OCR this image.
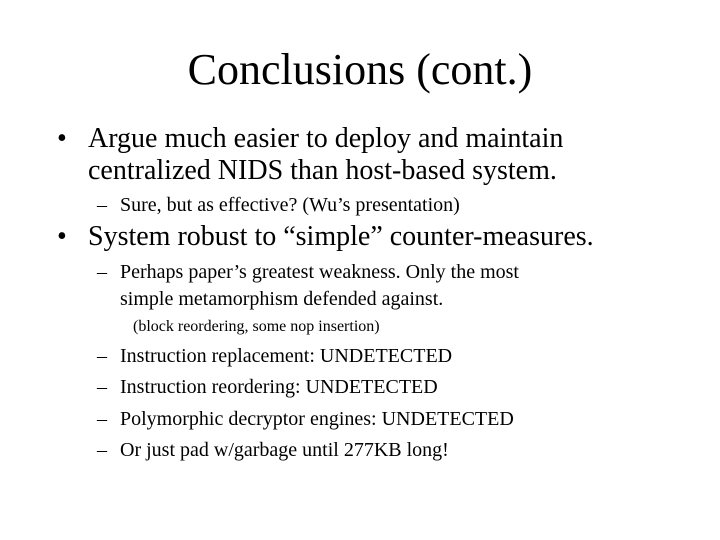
Conclusions (cont.)
• Argue much easier to deploy and maintain
centralized NIDS than host-based system.
– Sure, but as effective? (Wu’s presentation)
• System robust to “simple” counter-measures.
– Perhaps paper’s greatest weakness. Only the most
simple metamorphism defended against.
(block reordering, some nop insertion)
– Instruction replacement: UNDETECTED
– Instruction reordering: UNDETECTED
– Polymorphic decryptor engines: UNDETECTED
– Or just pad w/garbage until 277KB long!
